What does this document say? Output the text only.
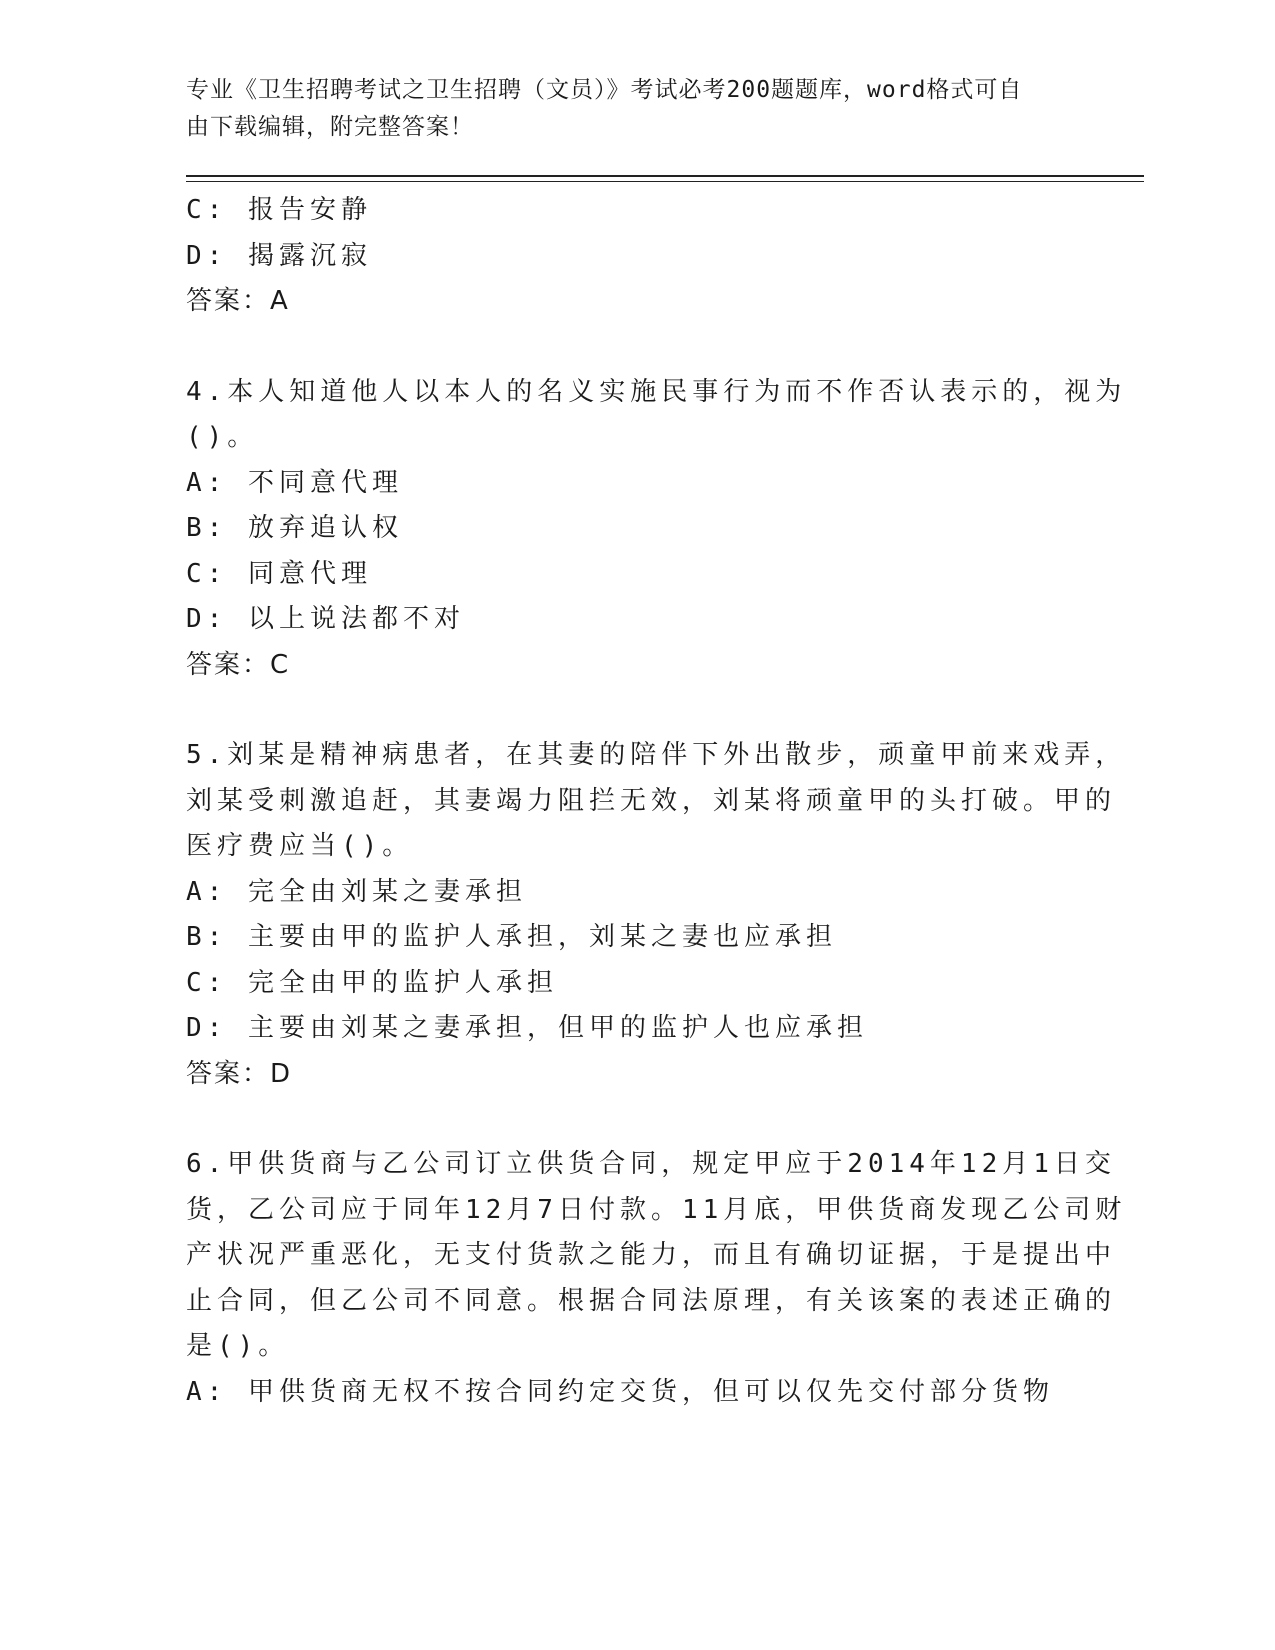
专业《卫生招聘考试之卫生招聘（文员）》考试必考200题题库，word格式可自
由下载编辑，附完整答案！
C: 报告安静
D: 揭露沉寂
答案：A
4.本人知道他人以本人的名义实施民事行为而不作否认表示的，视为
()。
A: 不同意代理
B: 放弃追认权
C: 同意代理
D: 以上说法都不对
答案：C
5.刘某是精神病患者，在其妻的陪伴下外出散步，顽童甲前来戏弄，
刘某受刺激追赶，其妻竭力阻拦无效，刘某将顽童甲的头打破。甲的
医疗费应当()。
A: 完全由刘某之妻承担
B: 主要由甲的监护人承担，刘某之妻也应承担
C: 完全由甲的监护人承担
D: 主要由刘某之妻承担，但甲的监护人也应承担
答案：D
6.甲供货商与乙公司订立供货合同，规定甲应于2014年12月1日交
货，乙公司应于同年12月7日付款。11月底，甲供货商发现乙公司财
产状况严重恶化，无支付货款之能力，而且有确切证据，于是提出中
止合同，但乙公司不同意。根据合同法原理，有关该案的表述正确的
是()。
A: 甲供货商无权不按合同约定交货，但可以仅先交付部分货物
